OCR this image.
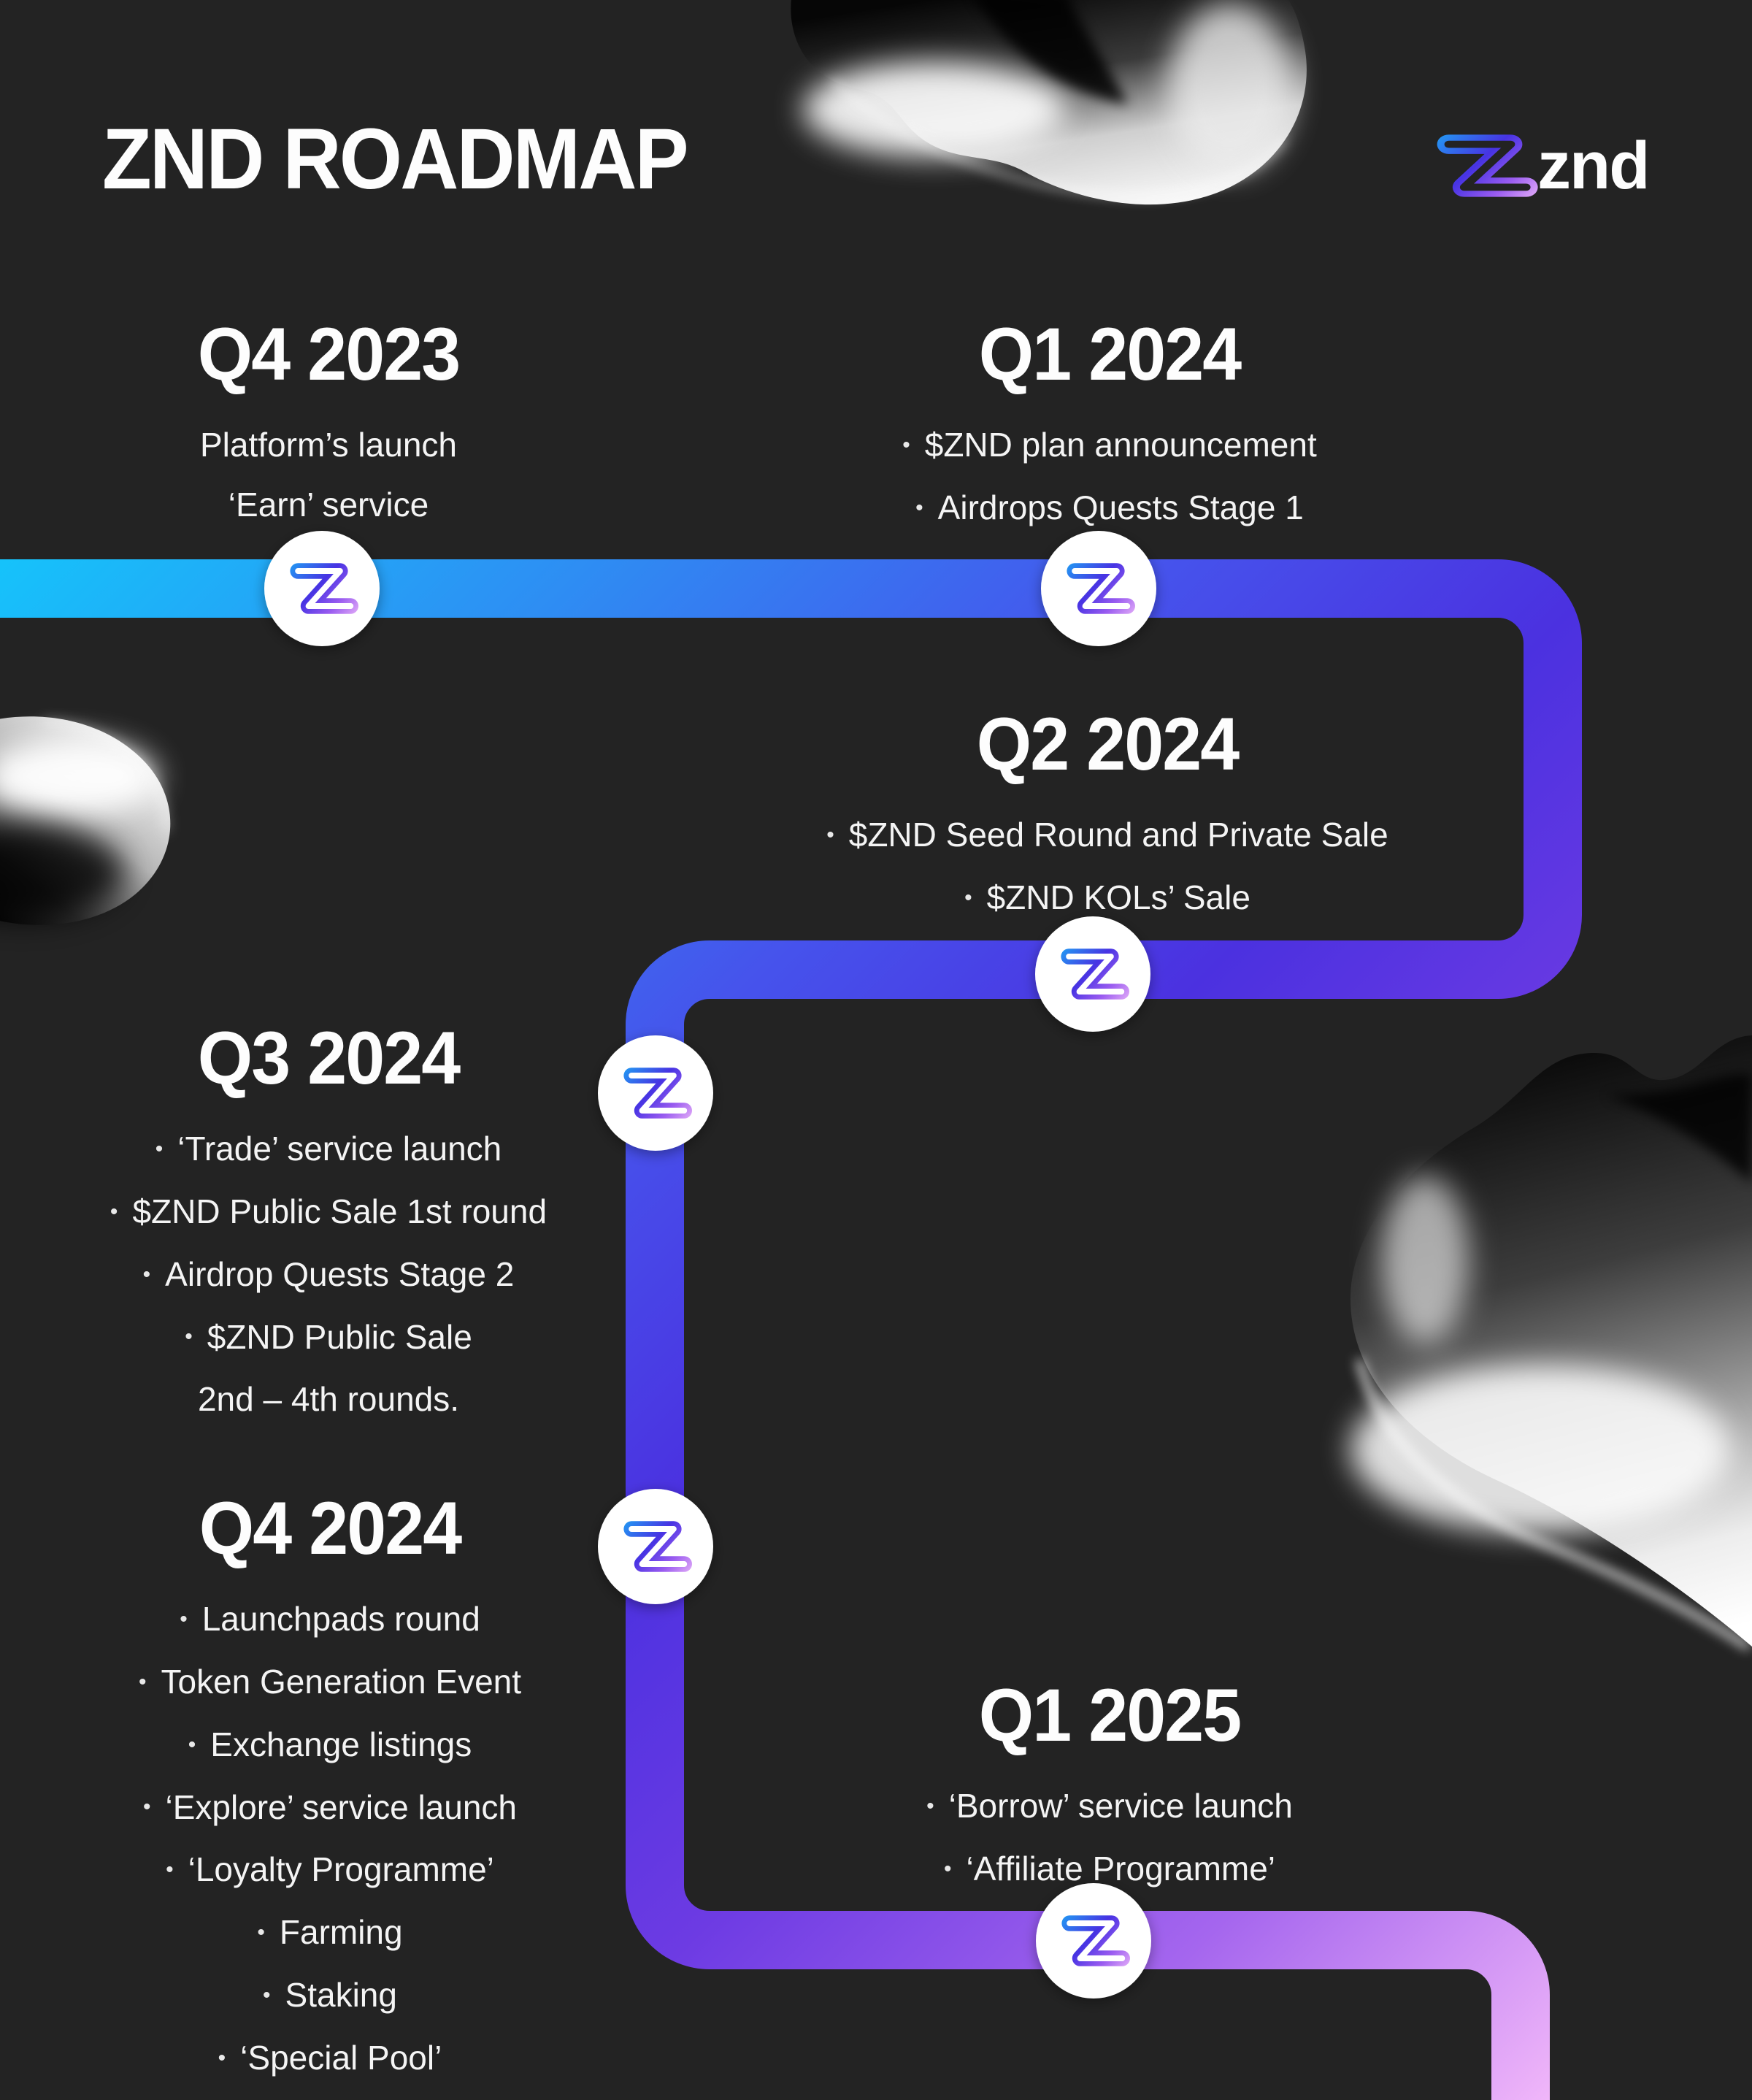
ZND ROADMAP	znd
Q4 2023
Platform’s launch
‘Earn’ service
Q1 2024
• $ZND plan announcement
• Airdrops Quests Stage 1
Q2 2024
• $ZND Seed Round and Private Sale
• $ZND KOLs’ Sale
Q3 2024
• ‘Trade’ service launch
• $ZND Public Sale 1st round
• Airdrop Quests Stage 2
• $ZND Public Sale
2nd – 4th rounds.
Q4 2024
• Launchpads round
• Token Generation Event
• Exchange listings
• ‘Explore’ service launch
• ‘Loyalty Programme’
• Farming
• Staking
• ‘Special Pool’
Q1 2025
• ‘Borrow’ service launch
• ‘Affiliate Programme’
